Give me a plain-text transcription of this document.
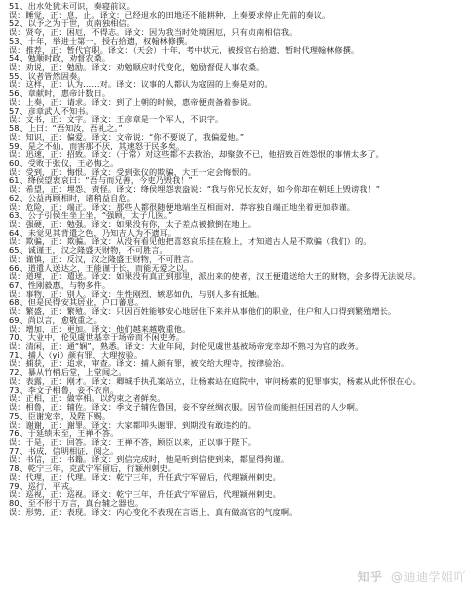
51、出水处犹未可识，奏寝前议。
误：睡觉，正：息，止。译文：已经退水的田地还不能耕种，上奏要求停止先前的奏议。
52、以予之为于世，贞南独相信。
误：贤夸，正：困厄，不得志。译文：因为我当时处境困厄，只有贞南相信我。
53、十年，举进士第一，授右拾遗，权翰林修撰。
误：推荐，正：暂代官职。译文：（天会）十年，考中状元，被授官右拾遗，暂时代理翰林修撰。
54、勉顺时政，劝督农桑。
误：劝说，正：勉励。译文：劝勉顺应时代变化，勉励督促人事农桑。
55、议者皆然固奏。
误：这样，正：认为……对。译文：议事的人都认为寇固的上奏是对的。
56、章献时，惠帝计数日。
误：上奏，正：请求。译文：到了上朝的时候，惠帝便责备着参说。
57、彦章武人不知书。
误：文书，正：文字。译文：王彦章是一个军人，不识字。
58、上曰：“吾知汝，吾礼之。”
误：知识，正：偏爱。译文：文帝说：“你不要说了，我偏爱他。”
59、是之不仙，而害那不厌，其速怒于民多矣。
误：迅速，正：招致。译文：（于常）对这些都不去救治，却聚敛不已，他招致百姓怨恨的事情太多了。
60、受败于张仪，王必悔之。
误：受到，正：悔恨。译文：受到张仪的欺骗，大王一定会悔恨的。
61、绛侯望衷哀曰：“吾与而兄善，今吏乃毁我！”
误：希望，正：埋怨、责怪。译文：绛侯埋怨衷盎说：“我与你兄长友好，如今你却在朝廷上毁谤我！”
62、公益再顾相时，诸稍益自危。
误：危险，正：端正。译文：那些人都很随便地端坐互相面对，莽容独自端正地坐着更加恭谨。
63、公子引侯生坐上坐，“强顾，太子几医。”
误：强硬，正：勉强。译文：如果没有你，太子差点被掀倒在地上。
64、未觉见其背遣之色，乃知吉人为不遗耳。
误：欺骗，正：欺骗。译文：从没有看见他把喜怒哀乐挂在脸上，才知道古人是不欺骗（我们）的。
65、诚谨王，汉之隆盛天财物，不可胜言。
误：谨慎，正：反汉，汉之隆盛王财物，不可胜言。
66、道遣人送达之，王能谨于长，而能无爱之以。
误：道理，正：遣送。译文：如果没有真正到那里，派出来的使者，汉王便遣送给大王的财物，会多得无法说尽。
67、性刚毅惠，与物多件。
误：事物，正：别人。译文：生性刚烈，嫉恶如仇，与别人多有抵触。
68、但是民得安其居业，户口蕃息。
误：繁盛，正：繁殖。译文：只因百姓能够安心地居住下来并从事他们的职业，住户和人口得到繁殖增长。
69、尚以言，愈敬重之。
误：增加，正：更加。译文：他们越来越敬重他。
70、大业中，伦见虞世基幸于场帝而不闲吏务。
误：清闲，正：通“娴”，熟悉。译文：大业年间，封伦见虞世基被场帝宠幸却不熟习为官的政务。
71、捕人（yi）颜有罪，大理按验。
误：捕获，正：追求，审查。译文：捕人颜有罪，被交给大理寺，按律验治。
72、暴从竹梢后堂，上堂闻之。
误：表露，正：刚才。译文：卿城手执孔案站立，让杨素站在庭院中，审问杨素的犯罪事实，杨素从此怀恨在心。
73、李文子相鲁，妾不衣帛。
误：正相，正：做宰相。以约束之者鲜矣。
误：相鲁，正：辅佐。译文：季文子辅佐鲁国，妾不穿丝绸衣服。因节俭而能担任国君的人少啊。
75、臣谢宠幸，及陛下赐。
误：谢谢，正：谢罪。译文：大家都叩头谢罪，到期没有敢违约的。
76、于延绩未至，王禅不答。
误：于是，正：回答。译文：王禅不答，顾臣以来，正以事于陛下。
77、书成，信明相证，阅之。
误：书信，正：书籍。译文：到信完成时，他是听到信使到来，都显得拘谨。
78、乾宁三年，克武宁军留后，行颍州刺史。
误：代理，正：代理。译文：乾宁三年，升任武宁军留后，代理颍州刺史。
79、巡行，平戎。
误：巡视，正：巡视。译文：乾宁三年，升任武宁军留后，代理颍州刺史。
80、至不形于万言，真台辅之器也。
误：形势，正：表现。译文：内心变化不表现在言语上，真有做高官的气度啊。
知乎 @迪迪学姐吖
